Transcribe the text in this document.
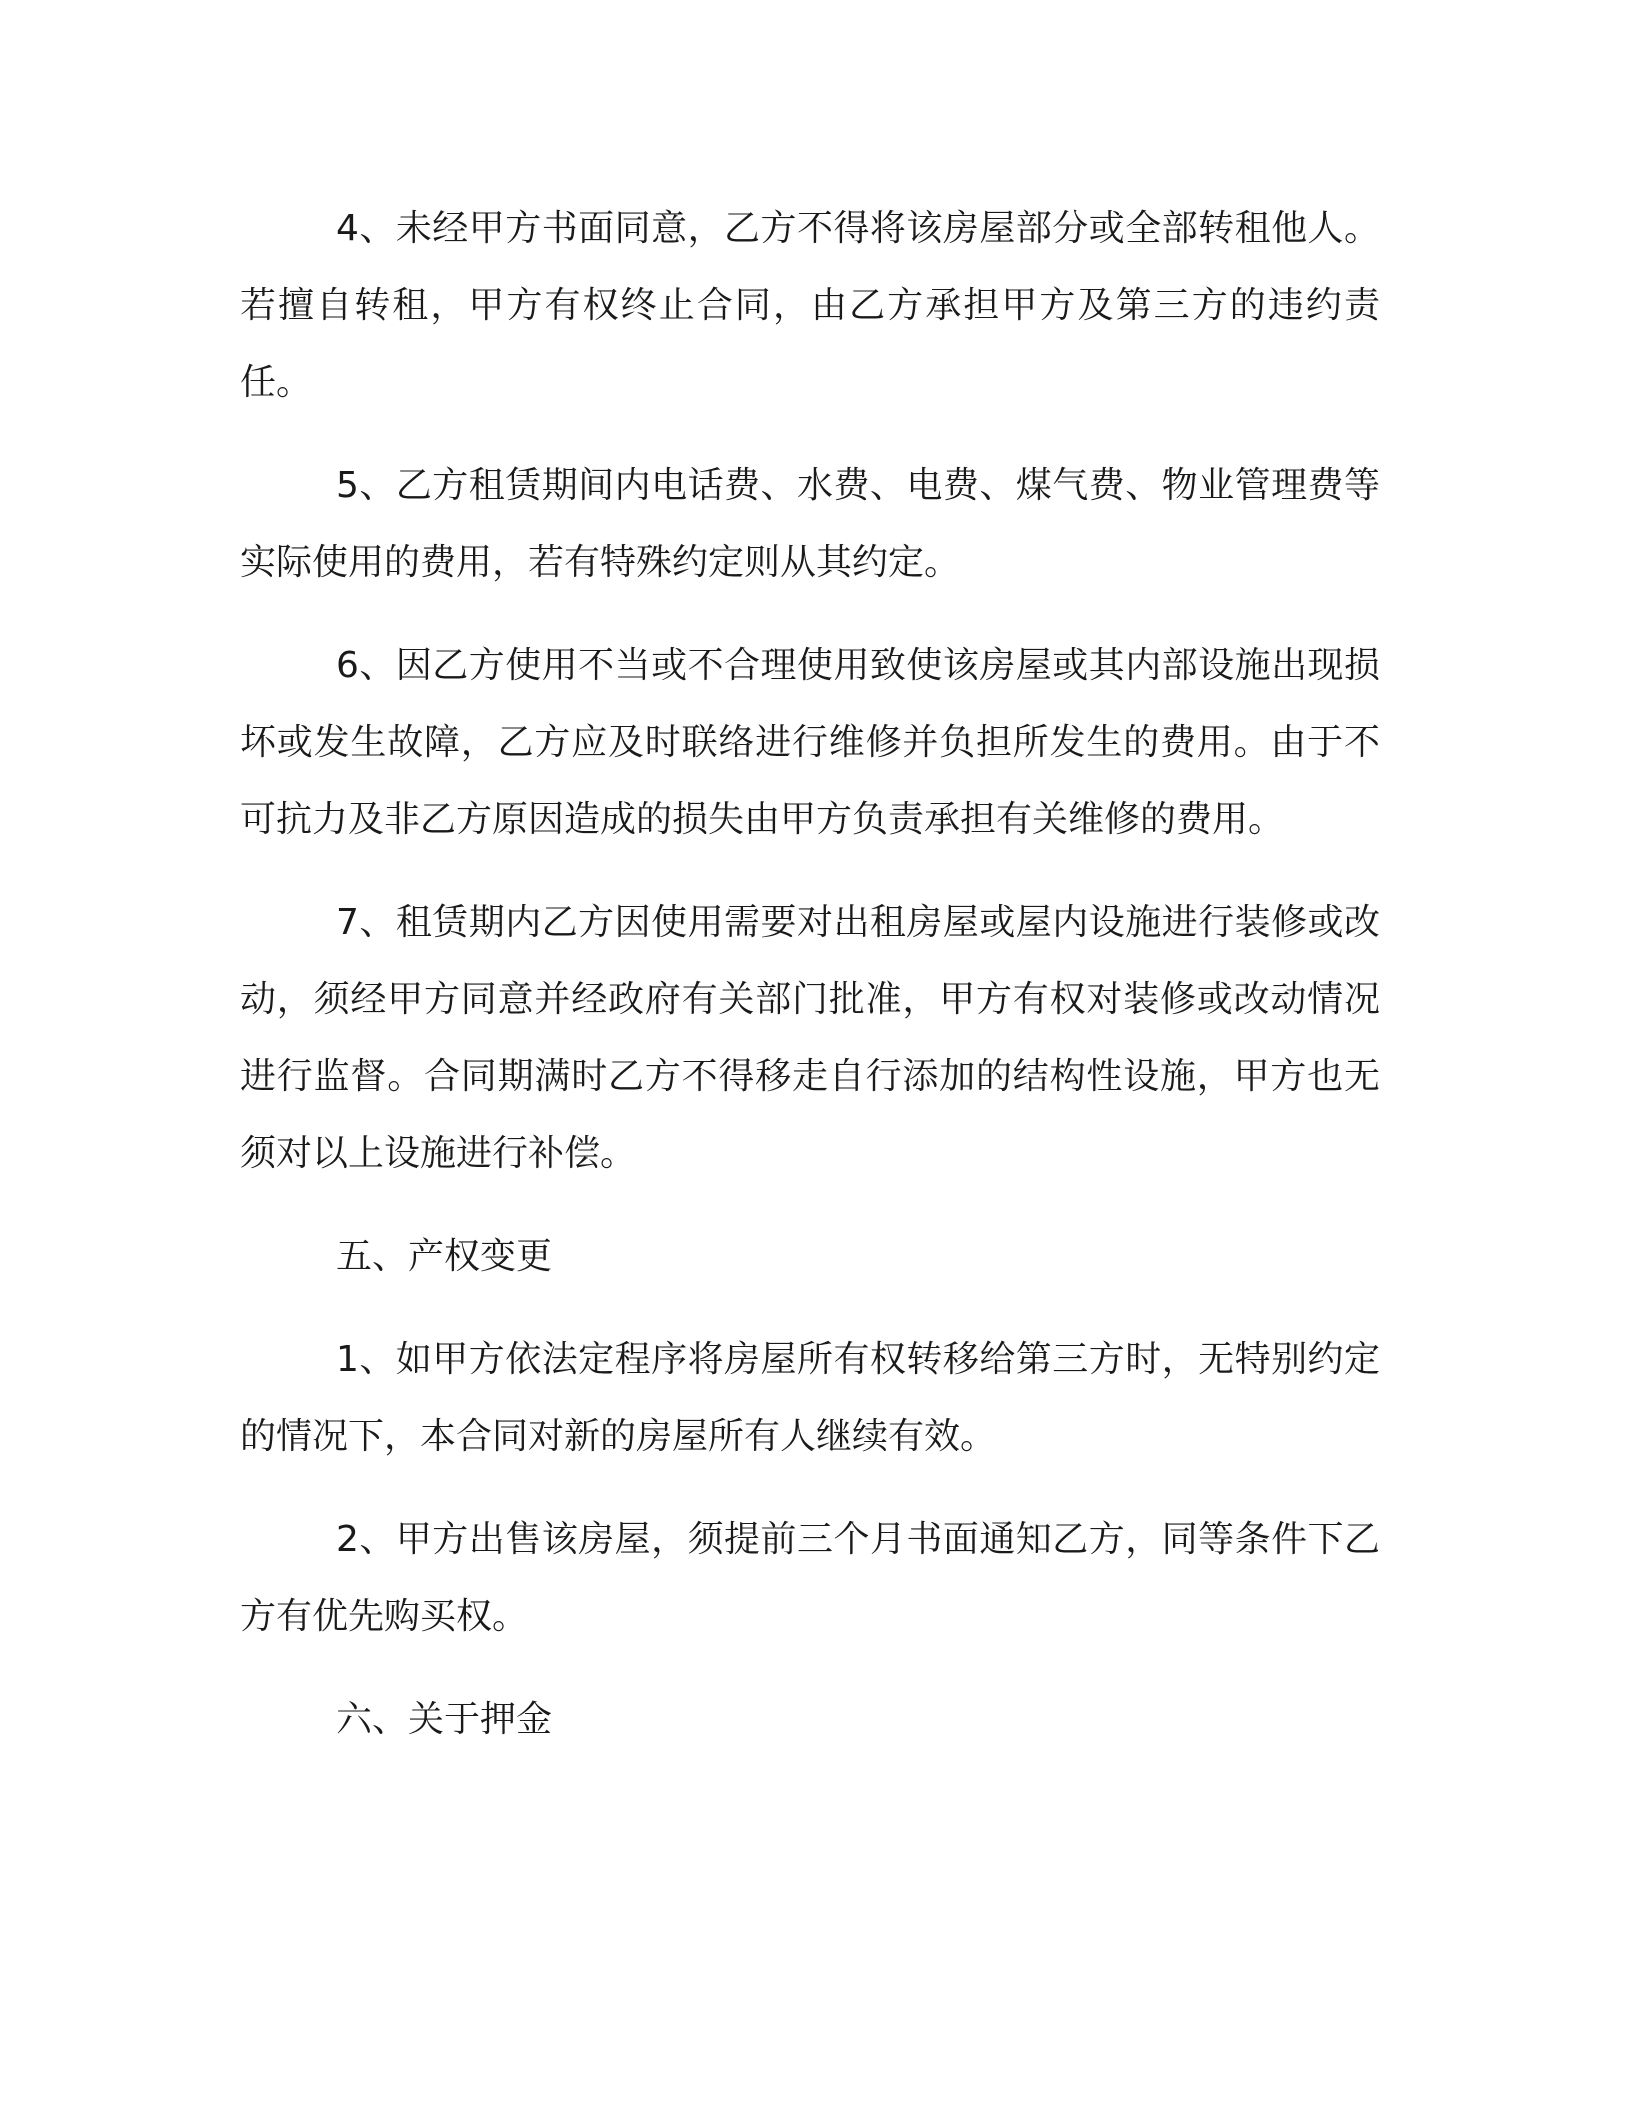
4、未经甲方书面同意，乙方不得将该房屋部分或全部转租他人。若擅自转租，甲方有权终止合同，由乙方承担甲方及第三方的违约责任。

5、乙方租赁期间内电话费、水费、电费、煤气费、物业管理费等实际使用的费用，若有特殊约定则从其约定。

6、因乙方使用不当或不合理使用致使该房屋或其内部设施出现损坏或发生故障，乙方应及时联络进行维修并负担所发生的费用。由于不可抗力及非乙方原因造成的损失由甲方负责承担有关维修的费用。

7、租赁期内乙方因使用需要对出租房屋或屋内设施进行装修或改动，须经甲方同意并经政府有关部门批准，甲方有权对装修或改动情况进行监督。合同期满时乙方不得移走自行添加的结构性设施，甲方也无须对以上设施进行补偿。

五、产权变更

1、如甲方依法定程序将房屋所有权转移给第三方时，无特别约定的情况下，本合同对新的房屋所有人继续有效。

2、甲方出售该房屋，须提前三个月书面通知乙方，同等条件下乙方有优先购买权。

六、关于押金
